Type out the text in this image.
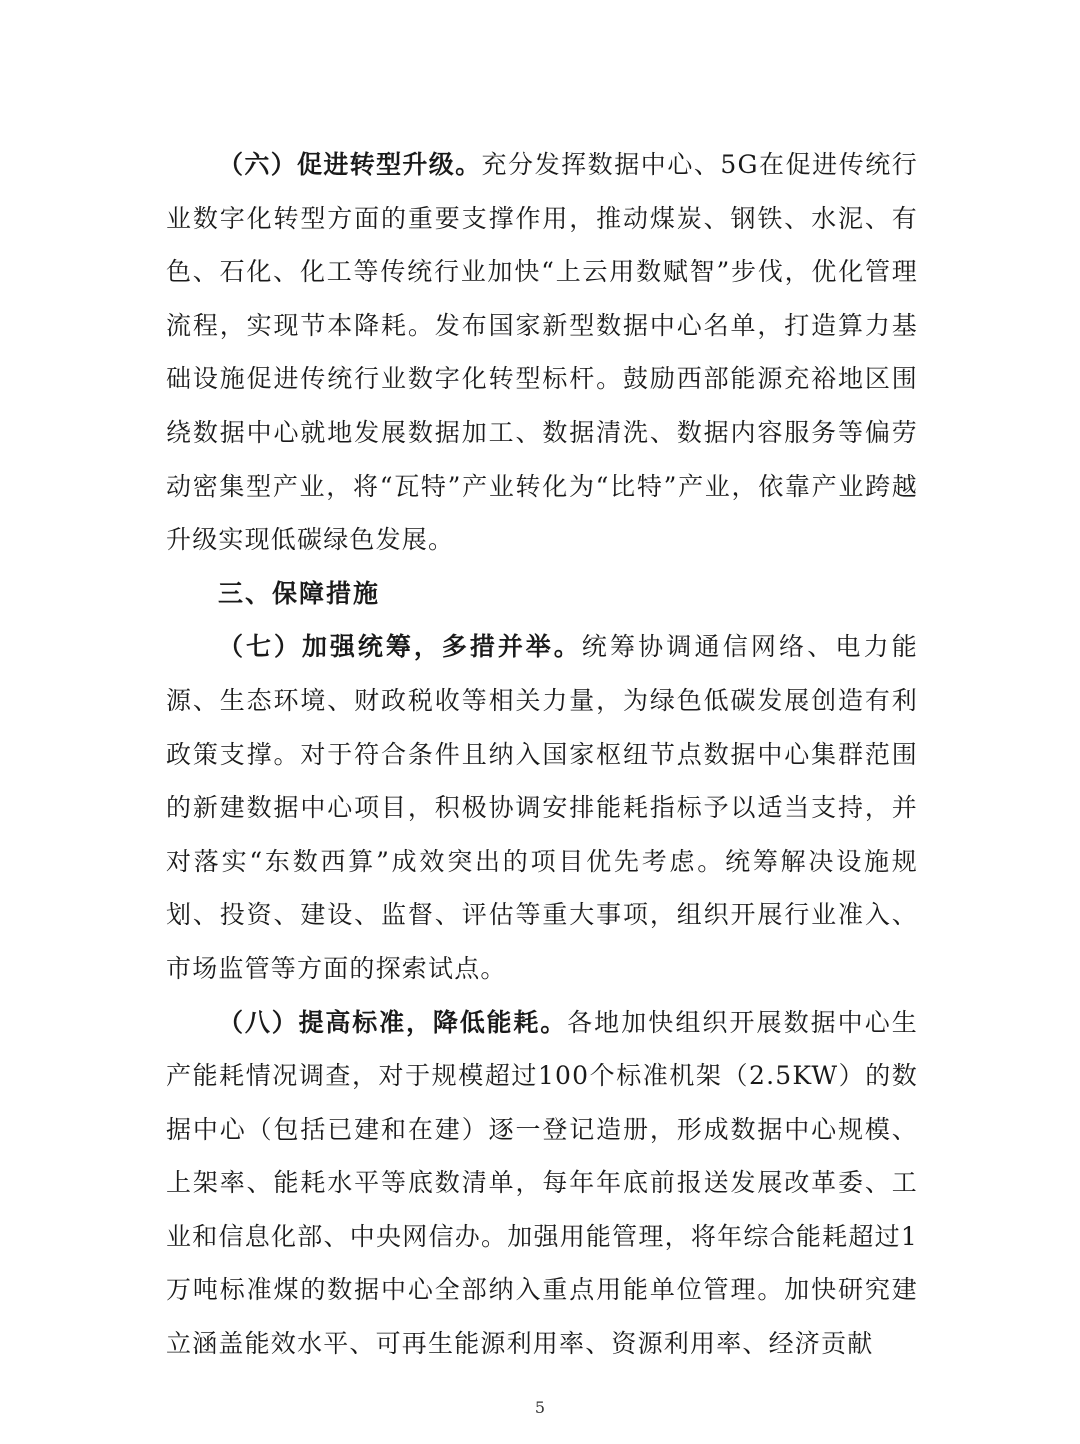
（六）促进转型升级。充分发挥数据中心、5G在促进传统行业数字化转型方面的重要支撑作用，推动煤炭、钢铁、水泥、有色、石化、化工等传统行业加快“上云用数赋智”步伐，优化管理流程，实现节本降耗。发布国家新型数据中心名单，打造算力基础设施促进传统行业数字化转型标杆。鼓励西部能源充裕地区围绕数据中心就地发展数据加工、数据清洗、数据内容服务等偏劳动密集型产业，将“瓦特”产业转化为“比特”产业，依靠产业跨越升级实现低碳绿色发展。

三、保障措施

（七）加强统筹，多措并举。统筹协调通信网络、电力能源、生态环境、财政税收等相关力量，为绿色低碳发展创造有利政策支撑。对于符合条件且纳入国家枢纽节点数据中心集群范围的新建数据中心项目，积极协调安排能耗指标予以适当支持，并对落实“东数西算”成效突出的项目优先考虑。统筹解决设施规划、投资、建设、监督、评估等重大事项，组织开展行业准入、市场监管等方面的探索试点。

（八）提高标准，降低能耗。各地加快组织开展数据中心生产能耗情况调查，对于规模超过100个标准机架（2.5KW）的数据中心（包括已建和在建）逐一登记造册，形成数据中心规模、上架率、能耗水平等底数清单，每年年底前报送发展改革委、工业和信息化部、中央网信办。加强用能管理，将年综合能耗超过1万吨标准煤的数据中心全部纳入重点用能单位管理。加快研究建立涵盖能效水平、可再生能源利用率、资源利用率、经济贡献

5
